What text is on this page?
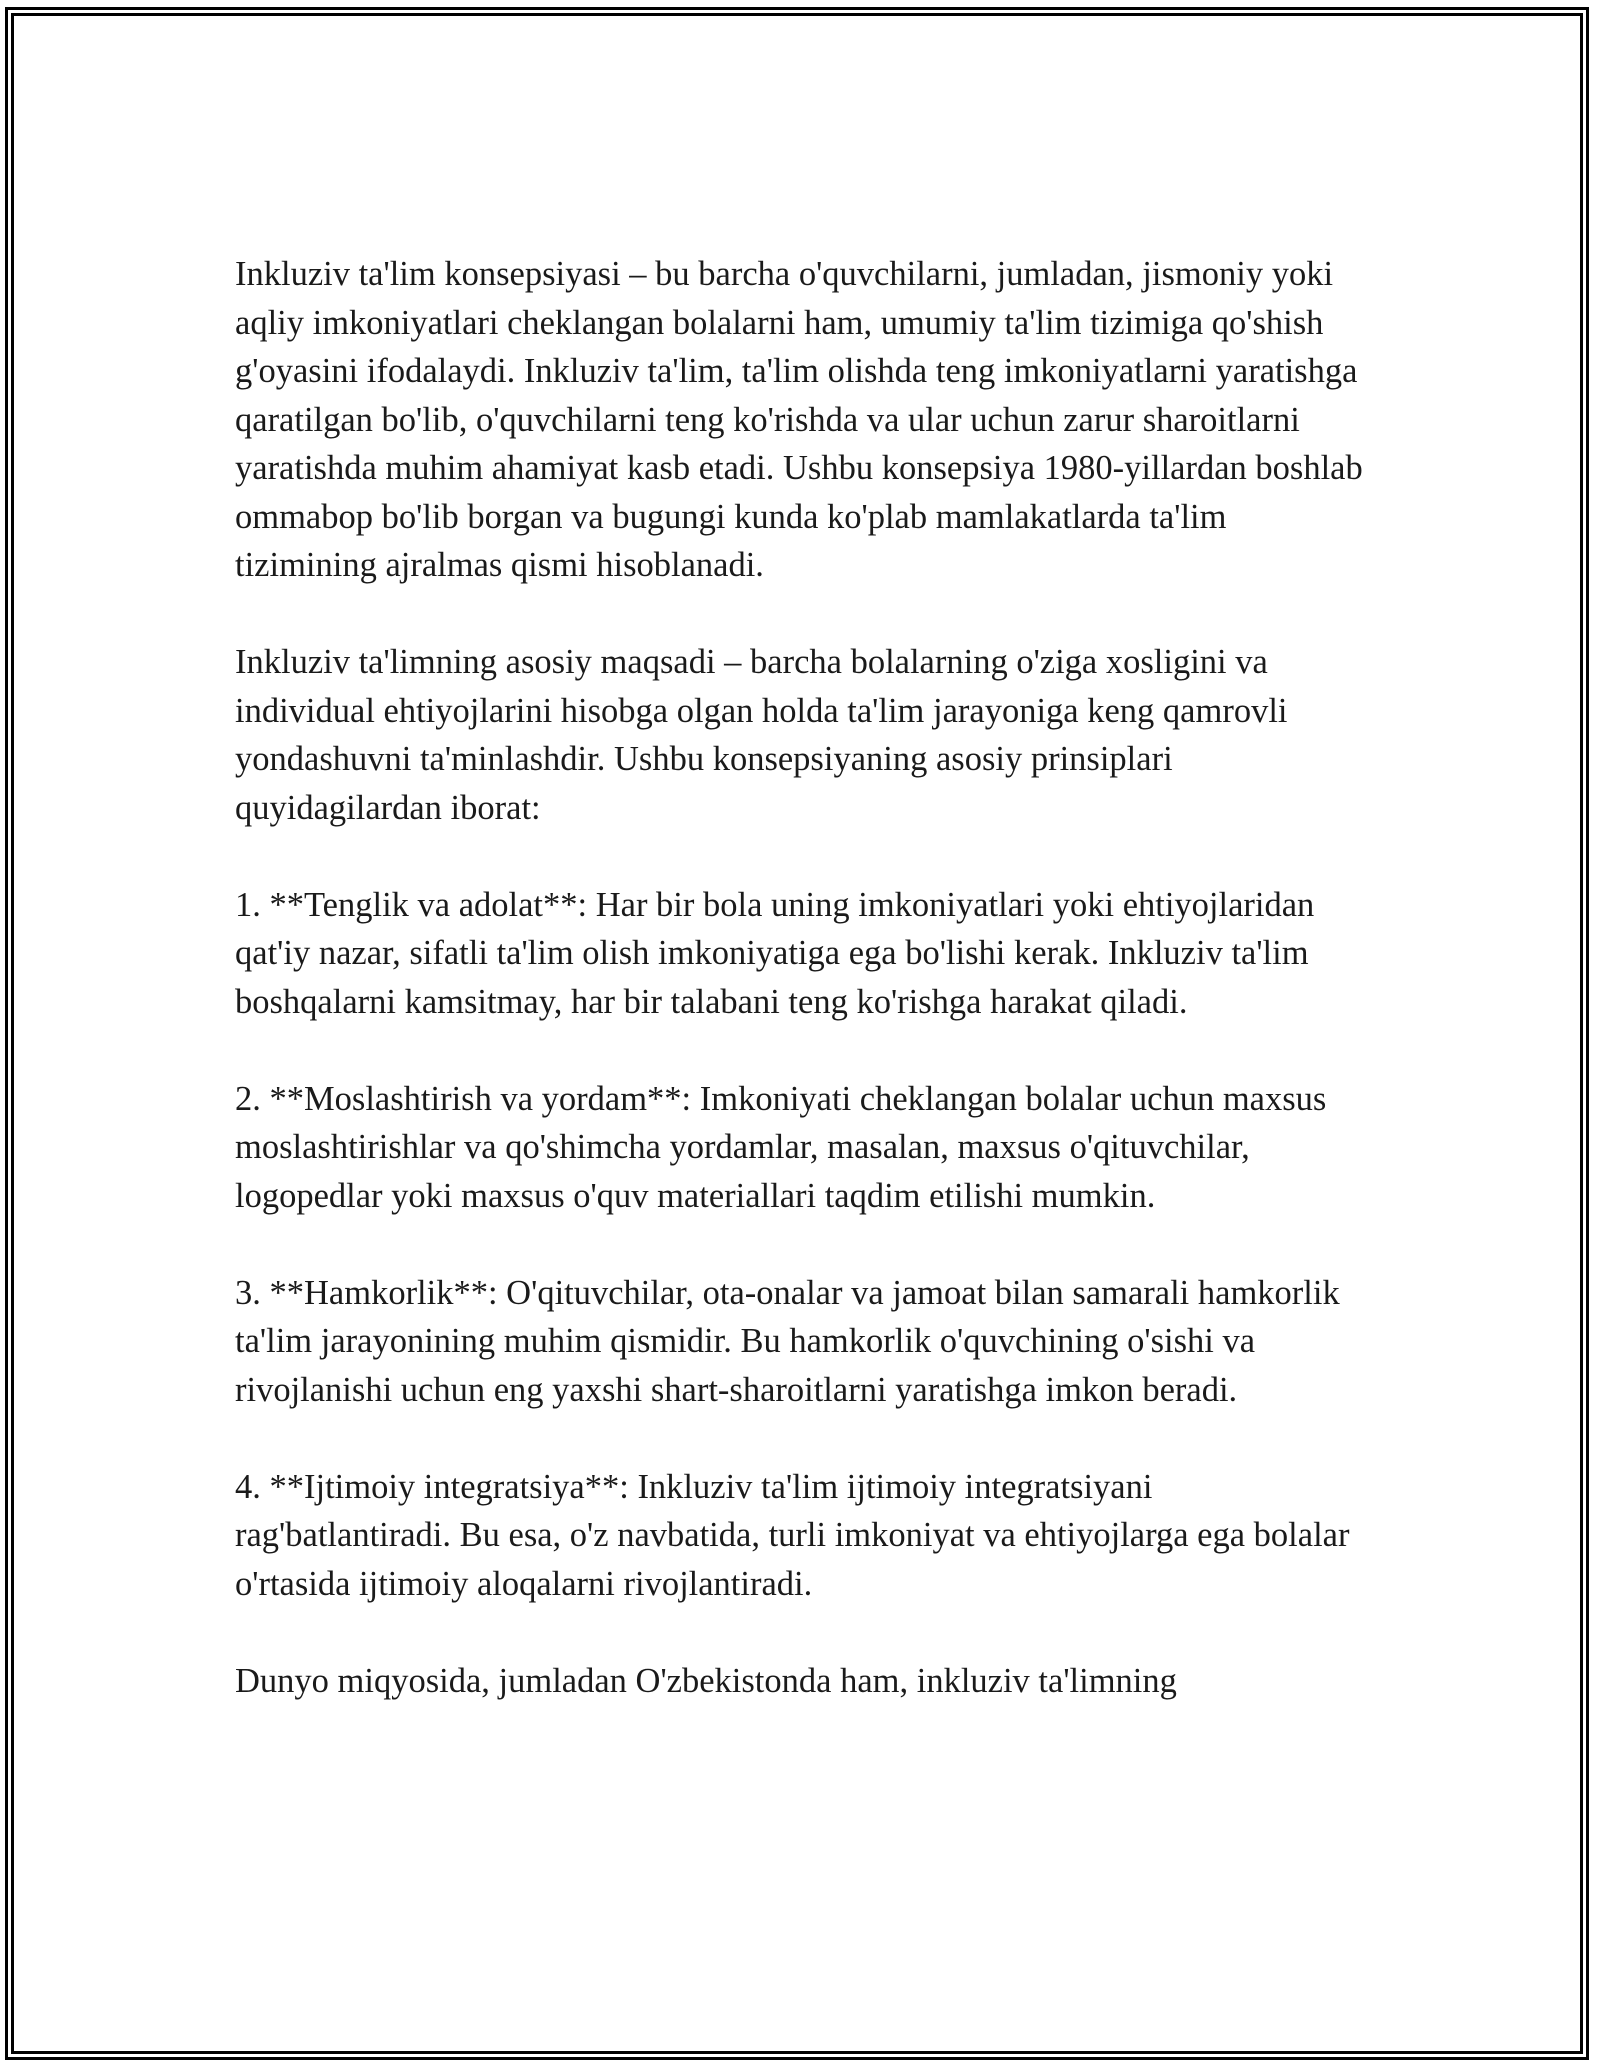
Inkluziv ta'lim konsepsiyasi – bu barcha o'quvchilarni, jumladan, jismoniy yoki aqliy imkoniyatlari cheklangan bolalarni ham, umumiy ta'lim tizimiga qo'shish g'oyasini ifodalaydi. Inkluziv ta'lim, ta'lim olishda teng imkoniyatlarni yaratishga qaratilgan bo'lib, o'quvchilarni teng ko'rishda va ular uchun zarur sharoitlarni yaratishda muhim ahamiyat kasb etadi. Ushbu konsepsiya 1980-yillardan boshlab ommabop bo'lib borgan va bugungi kunda ko'plab mamlakatlarda ta'lim tizimining ajralmas qismi hisoblanadi.

Inkluziv ta'limning asosiy maqsadi – barcha bolalarning o'ziga xosligini va individual ehtiyojlarini hisobga olgan holda ta'lim jarayoniga keng qamrovli yondashuvni ta'minlashdir. Ushbu konsepsiyaning asosiy prinsiplari quyidagilardan iborat:

1. **Tenglik va adolat**: Har bir bola uning imkoniyatlari yoki ehtiyojlaridan qat'iy nazar, sifatli ta'lim olish imkoniyatiga ega bo'lishi kerak. Inkluziv ta'lim boshqalarni kamsitmay, har bir talabani teng ko'rishga harakat qiladi.

2. **Moslashtirish va yordam**: Imkoniyati cheklangan bolalar uchun maxsus moslashtirishlar va qo'shimcha yordamlar, masalan, maxsus o'qituvchilar, logopedlar yoki maxsus o'quv materiallari taqdim etilishi mumkin.

3. **Hamkorlik**: O'qituvchilar, ota-onalar va jamoat bilan samarali hamkorlik ta'lim jarayonining muhim qismidir. Bu hamkorlik o'quvchining o'sishi va rivojlanishi uchun eng yaxshi shart-sharoitlarni yaratishga imkon beradi.

4. **Ijtimoiy integratsiya**: Inkluziv ta'lim ijtimoiy integratsiyani rag'batlantiradi. Bu esa, o'z navbatida, turli imkoniyat va ehtiyojlarga ega bolalar o'rtasida ijtimoiy aloqalarni rivojlantiradi.

Dunyo miqyosida, jumladan O'zbekistonda ham, inkluziv ta'limning
